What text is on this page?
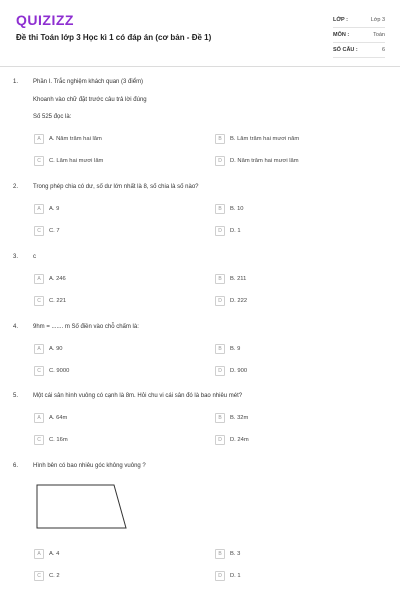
QUIZIZZ
Đề thi Toán lớp 3 Học kì 1 có đáp án (cơ bản - Đề 1)
LỚP :	Lớp 3
MÔN :	Toán
SỐ CÂU :	6
1. Phần I. Trắc nghiệm khách quan (3 điểm)
Khoanh vào chữ đặt trước câu trả lời đúng
Số 525 đọc là:
A	A. Năm trăm hai lăm	B	B. Lăm trăm hai mươi năm
C	C. Lăm hai mươi lăm	D	D. Năm trăm hai mươi lăm
2. Trong phép chia có dư, số dư lớn nhất là 8, số chia là số nào?
A	A. 9	B	B. 10
C	C. 7	D	D. 1
3. c
A	A. 246	B	B. 211
C	C. 221	D	D. 222
4. 9hm = ....... m Số điền vào chỗ chấm là:
A	A. 90	B	B. 9
C	C. 9000	D	D. 900
5. Một cái sân hình vuông có cạnh là 8m. Hỏi chu vi cái sân đó là bao nhiêu mét?
A	A. 64m	B	B. 32m
C	C. 16m	D	D. 24m
6. Hình bên có bao nhiêu góc không vuông ?
A	A. 4	B	B. 3
C	C. 2	D	D. 1
